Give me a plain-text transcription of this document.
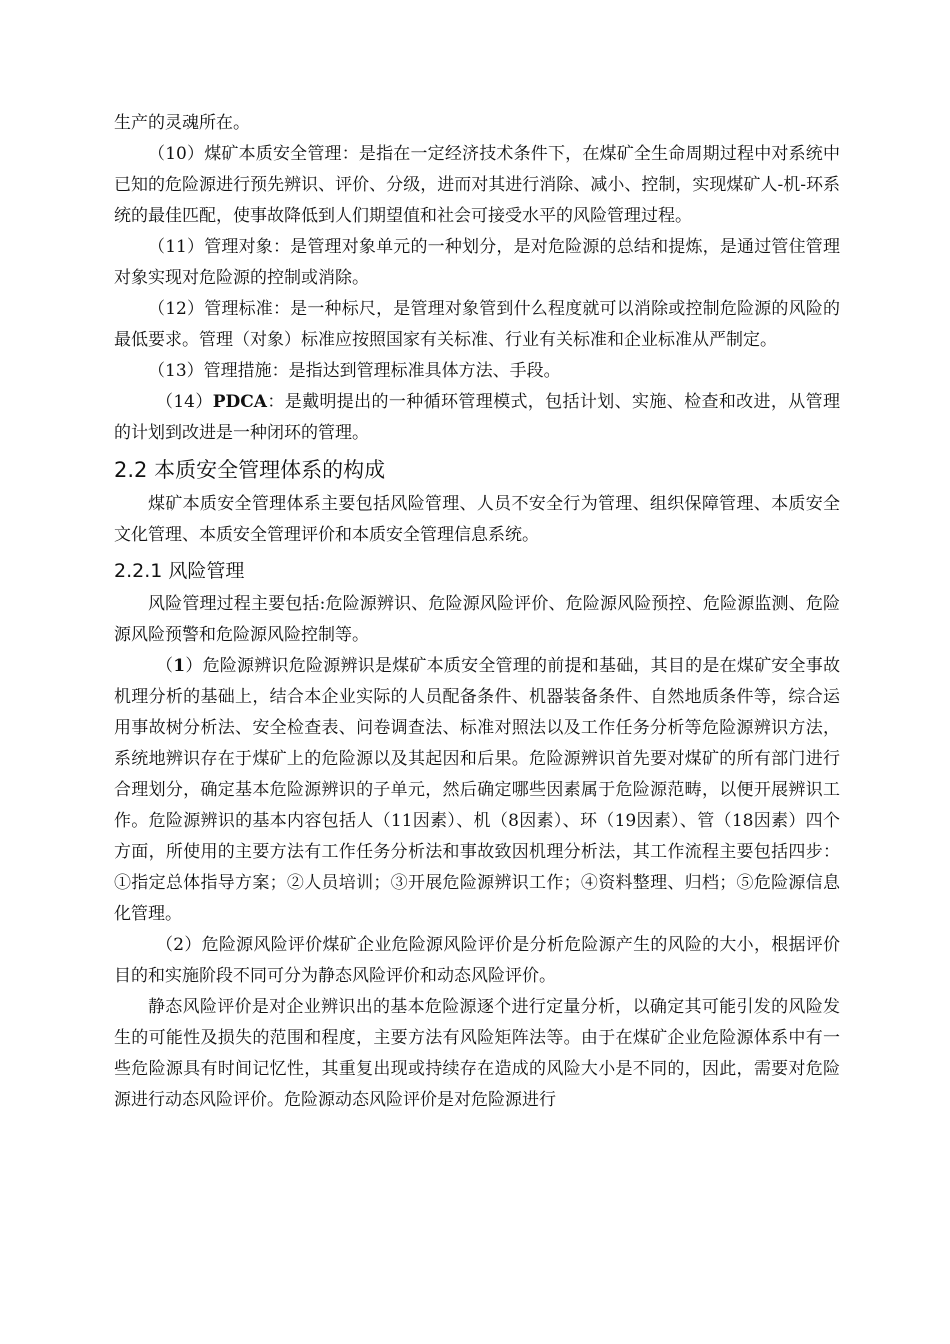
生产的灵魂所在。

（10）煤矿本质安全管理：是指在一定经济技术条件下，在煤矿全生命周期过程中对系统中已知的危险源进行预先辨识、评价、分级，进而对其进行消除、减小、控制，实现煤矿人-机-环系统的最佳匹配，使事故降低到人们期望值和社会可接受水平的风险管理过程。

（11）管理对象：是管理对象单元的一种划分，是对危险源的总结和提炼，是通过管住管理对象实现对危险源的控制或消除。

（12）管理标准：是一种标尺，是管理对象管到什么程度就可以消除或控制危险源的风险的最低要求。管理（对象）标准应按照国家有关标准、行业有关标准和企业标准从严制定。

（13）管理措施：是指达到管理标准具体方法、手段。

（14）PDCA：是戴明提出的一种循环管理模式，包括计划、实施、检查和改进，从管理的计划到改进是一种闭环的管理。

2.2 本质安全管理体系的构成

煤矿本质安全管理体系主要包括风险管理、人员不安全行为管理、组织保障管理、本质安全文化管理、本质安全管理评价和本质安全管理信息系统。

2.2.1 风险管理

风险管理过程主要包括:危险源辨识、危险源风险评价、危险源风险预控、危险源监测、危险源风险预警和危险源风险控制等。

（1）危险源辨识危险源辨识是煤矿本质安全管理的前提和基础，其目的是在煤矿安全事故机理分析的基础上，结合本企业实际的人员配备条件、机器装备条件、自然地质条件等，综合运用事故树分析法、安全检查表、问卷调查法、标准对照法以及工作任务分析等危险源辨识方法，系统地辨识存在于煤矿上的危险源以及其起因和后果。危险源辨识首先要对煤矿的所有部门进行合理划分，确定基本危险源辨识的子单元，然后确定哪些因素属于危险源范畴，以便开展辨识工作。危险源辨识的基本内容包括人（11因素）、机（8因素）、环（19因素）、管（18因素）四个方面，所使用的主要方法有工作任务分析法和事故致因机理分析法，其工作流程主要包括四步：①指定总体指导方案；②人员培训；③开展危险源辨识工作；④资料整理、归档；⑤危险源信息化管理。

（2）危险源风险评价煤矿企业危险源风险评价是分析危险源产生的风险的大小，根据评价目的和实施阶段不同可分为静态风险评价和动态风险评价。

静态风险评价是对企业辨识出的基本危险源逐个进行定量分析，以确定其可能引发的风险发生的可能性及损失的范围和程度，主要方法有风险矩阵法等。由于在煤矿企业危险源体系中有一些危险源具有时间记忆性，其重复出现或持续存在造成的风险大小是不同的，因此，需要对危险源进行动态风险评价。危险源动态风险评价是对危险源进行
